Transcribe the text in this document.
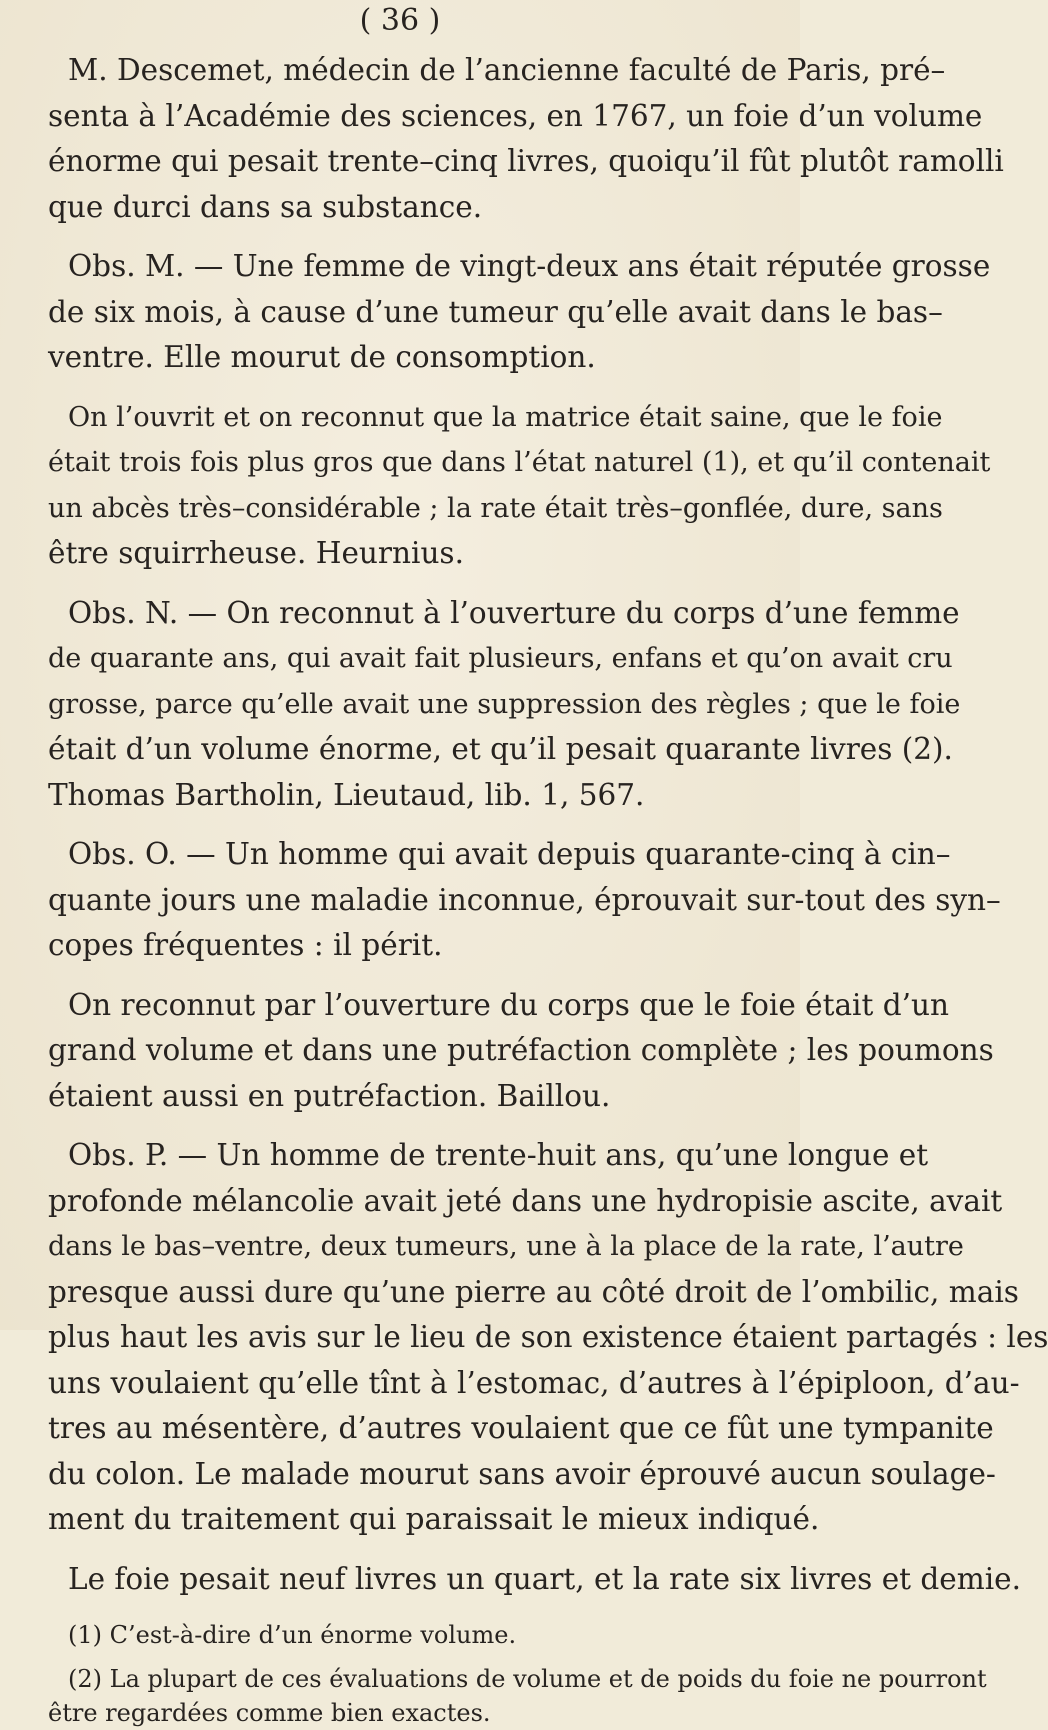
( 36 )

M. Descemet, médecin de l’ancienne faculté de Paris, pré–

senta à l’Académie des sciences, en 1767, un foie d’un volume

énorme qui pesait trente–cinq livres, quoiqu’il fût plutôt ramolli

que durci dans sa substance.

Obs. M. — Une femme de vingt-deux ans était réputée grosse

de six mois, à cause d’une tumeur qu’elle avait dans le bas–

ventre. Elle mourut de consomption.

On l’ouvrit et on reconnut que la matrice était saine, que le foie

était trois fois plus gros que dans l’état naturel (1), et qu’il contenait

un abcès très–considérable ; la rate était très–gonflée, dure, sans

être squirrheuse. Heurnius.

Obs. N. — On reconnut à l’ouverture du corps d’une femme

de quarante ans, qui avait fait plusieurs, enfans et qu’on avait cru

grosse, parce qu’elle avait une suppression des règles ; que le foie

était d’un volume énorme, et qu’il pesait quarante livres (2).

Thomas Bartholin, Lieutaud, lib. 1, 567.

Obs. O. — Un homme qui avait depuis quarante-cinq à cin–

quante jours une maladie inconnue, éprouvait sur-tout des syn–

copes fréquentes : il périt.

On reconnut par l’ouverture du corps que le foie était d’un

grand volume et dans une putréfaction complète ; les poumons

étaient aussi en putréfaction. Baillou.

Obs. P. — Un homme de trente-huit ans, qu’une longue et

profonde mélancolie avait jeté dans une hydropisie ascite, avait

dans le bas–ventre, deux tumeurs, une à la place de la rate, l’autre

presque aussi dure qu’une pierre au côté droit de l’ombilic, mais

plus haut les avis sur le lieu de son existence étaient partagés : les

uns voulaient qu’elle tînt à l’estomac, d’autres à l’épiploon, d’au-

tres au mésentère, d’autres voulaient que ce fût une tympanite

du colon. Le malade mourut sans avoir éprouvé aucun soulage-

ment du traitement qui paraissait le mieux indiqué.

Le foie pesait neuf livres un quart, et la rate six livres et demie.

(1) C’est-à-dire d’un énorme volume.

(2) La plupart de ces évaluations de volume et de poids du foie ne pourront

être regardées comme bien exactes.
